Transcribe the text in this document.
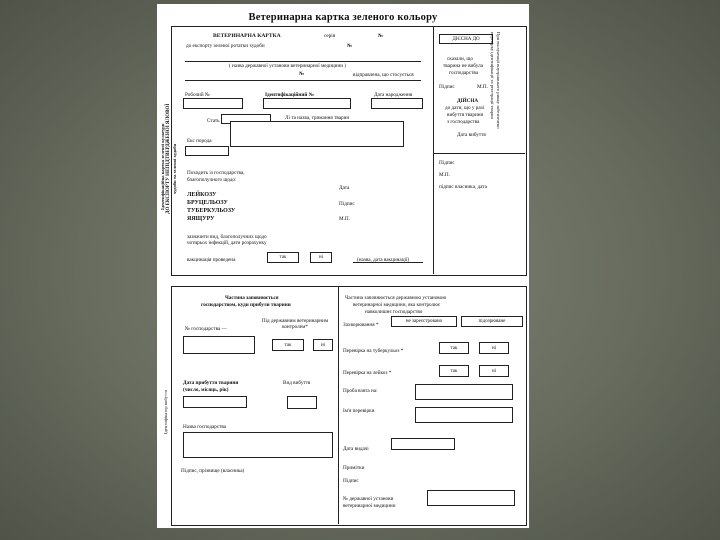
Ветеринарна картка зеленого кольору
Ідентифікаційна картка зеленої культури ДО ЕКСПОРТУ НЕПІДТВЕРДЖЕНОЇ ЯЛОВОЇ худоби та зеленої худоби
ВЕТЕРИНАРНА КАРТКА	серія	№
до експорту зеленої ротатки худоби	№
( назва державної установи ветеринарної медицини )
№	відправлена, що стосується
Робочий №	Ідентифікаційний №	Дата народження
Стать	Лі та назва, тримання тварин
Екс порода
Походить із господарства,
благополучного щодо:
ЛЕЙКОЗУ
БРУЦЕЛЬОЗУ
ТУБЕРКУЛЬОЗУ
ЯЯЩУРУ
Дата
Підпис
М.П.
зазначити вид, благополучних щодо
чотирьох інфекцій, дати розрахунку
вакцинація проведена	так	ні	(назва, дата вакцинації)
ДІЄСНА ДО
сказали, що
тварина не вибула
господарства
Підпис	М.П.
ДІЙСНА
до дати, що у разі
вибуття тварини
з господарства
Дата вибуття
Підпис
М.П.
підпис власника, дата
При екслуатації внутрішнього ринку забезпечено
перевірку ідентифікації та реєстрації тварин
Ідентифікатор вибуття
Частина заповнюється
господарством, куди прибули тварини
№ господарства —
Під державним ветеринарним контролем*
так	ні
Дата прибуття тварини
(число, місяць, рік)
Вид вибуття
Назва господарства
Підпис, прізвище (власника)
Частина заповнюється державною установою
ветеринарної медицини, яка контролює
навколишнє господарство
Захворювання *
не зареєстровано	підозрюване
Перевірка на туберкульоз *	так	ні
Перевірка на лейкоз *	так	ні
Проба взята на:
Ім'я перевірки
Дата видачі
Примітки
Підпис
№ державної установи
ветеринарної медицини
